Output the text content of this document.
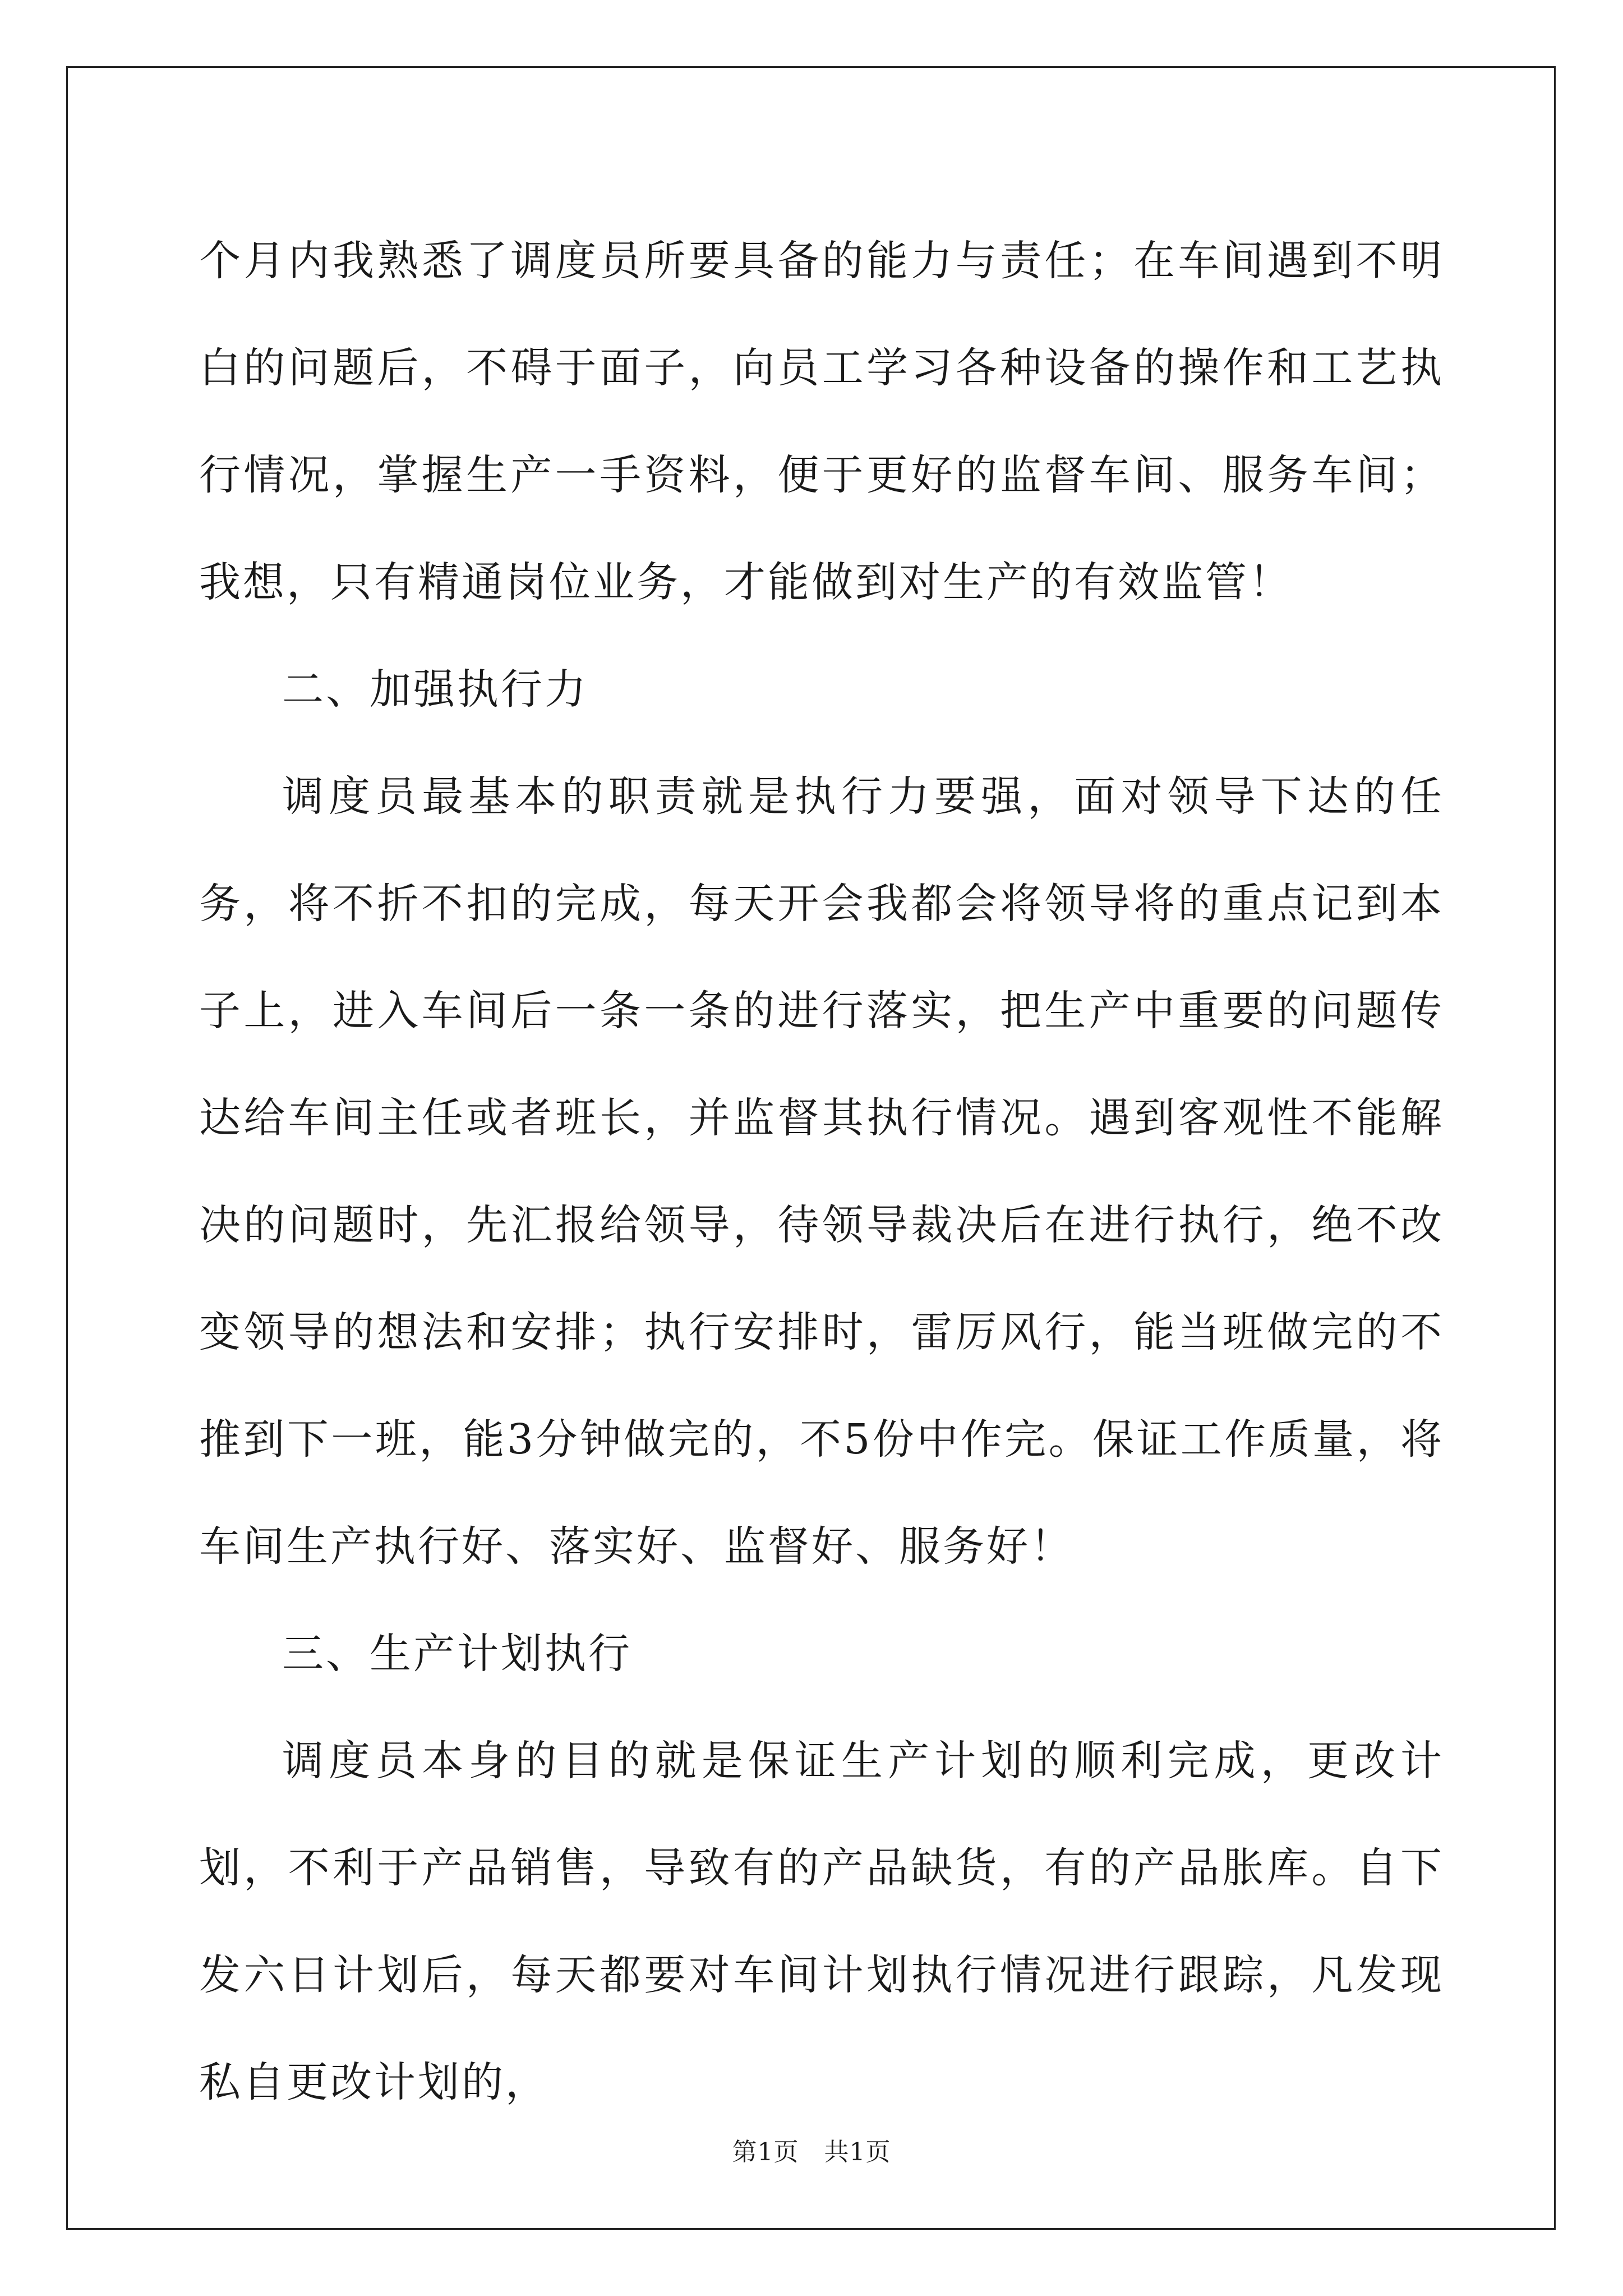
个月内我熟悉了调度员所要具备的能力与责任；在车间遇到不明白的问题后，不碍于面子，向员工学习各种设备的操作和工艺执行情况，掌握生产一手资料，便于更好的监督车间、服务车间；我想，只有精通岗位业务，才能做到对生产的有效监管！

二、加强执行力

调度员最基本的职责就是执行力要强，面对领导下达的任务，将不折不扣的完成，每天开会我都会将领导将的重点记到本子上，进入车间后一条一条的进行落实，把生产中重要的问题传达给车间主任或者班长，并监督其执行情况。遇到客观性不能解决的问题时，先汇报给领导，待领导裁决后在进行执行，绝不改变领导的想法和安排；执行安排时，雷厉风行，能当班做完的不推到下一班，能3分钟做完的，不5份中作完。保证工作质量，将车间生产执行好、落实好、监督好、服务好！

三、生产计划执行

调度员本身的目的就是保证生产计划的顺利完成，更改计划，不利于产品销售，导致有的产品缺货，有的产品胀库。自下发六日计划后，每天都要对车间计划执行情况进行跟踪，凡发现私自更改计划的，

第1页 共1页
